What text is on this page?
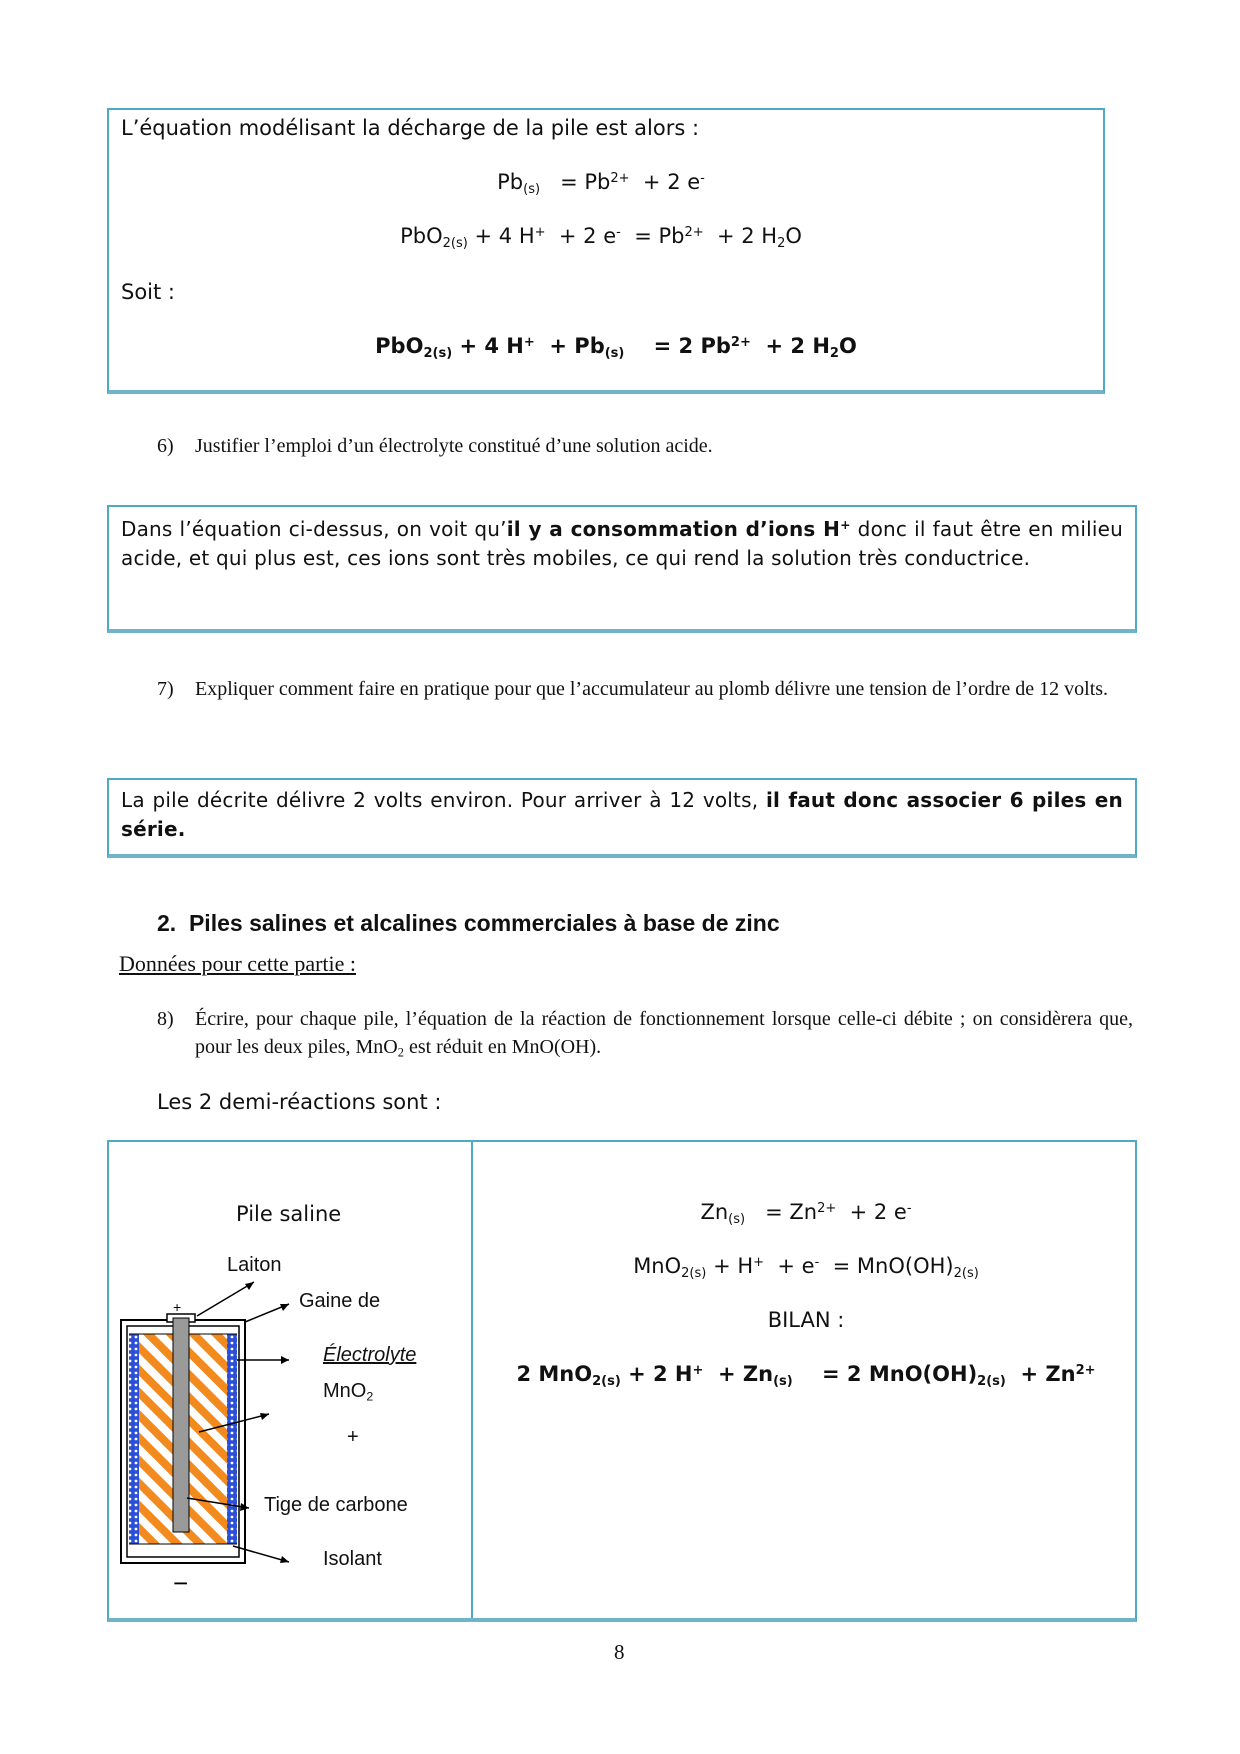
L’équation modélisant la décharge de la pile est alors :
$Pb_{(s)} = Pb^{2+} + 2$ e-
PbO$_{2(s)}$ + 4 H+ + 2 $e^- = Pb^{2+} + 2$ $H_2O$
Soit :
PbO$_{2(s)}$ + 4 $H^+ + Pb_{(s)} = 2$ $Pb^{2+} + 2$ $H_2O$
6) Justifier l’emploi d’un électrolyte constitué d’une solution acide.
Dans l’équation ci-dessus, on voit qu’il y a consommation d’ions H+ donc il faut être en milieu acide, et qui plus est, ces ions sont très mobiles, ce qui rend la solution très conductrice.
7) Expliquer comment faire en pratique pour que l’accumulateur au plomb délivre une tension de l’ordre de 12 volts.
La pile décrite délivre 2 volts environ. Pour arriver à 12 volts, il faut donc associer 6 piles en série.
2. Piles salines et alcalines commerciales à base de zinc
Données pour cette partie :
8) Écrire, pour chaque pile, l’équation de la réaction de fonctionnement lorsque celle-ci débite ; on considèrera que, pour les deux piles, MnO$_2$ est réduit en MnO(OH).
Les 2 demi-réactions sont :
Pile saline
+
−
Laiton
Gaine de
Électrolyte
MnO$_2$
+
Tige de carbone
Isolant
$Zn_{(s)} = Zn^{2+} + 2$ e-
$MnO_{2(s)} + H^+ + e^- = MnO(OH)_{2(s)}$
BILAN :
2 MnO$_{2(s)}$ + 2 $H^+ + Zn_{(s)} = 2$ $MnO(OH)_{2(s)} + Zn^{2+}$
8
